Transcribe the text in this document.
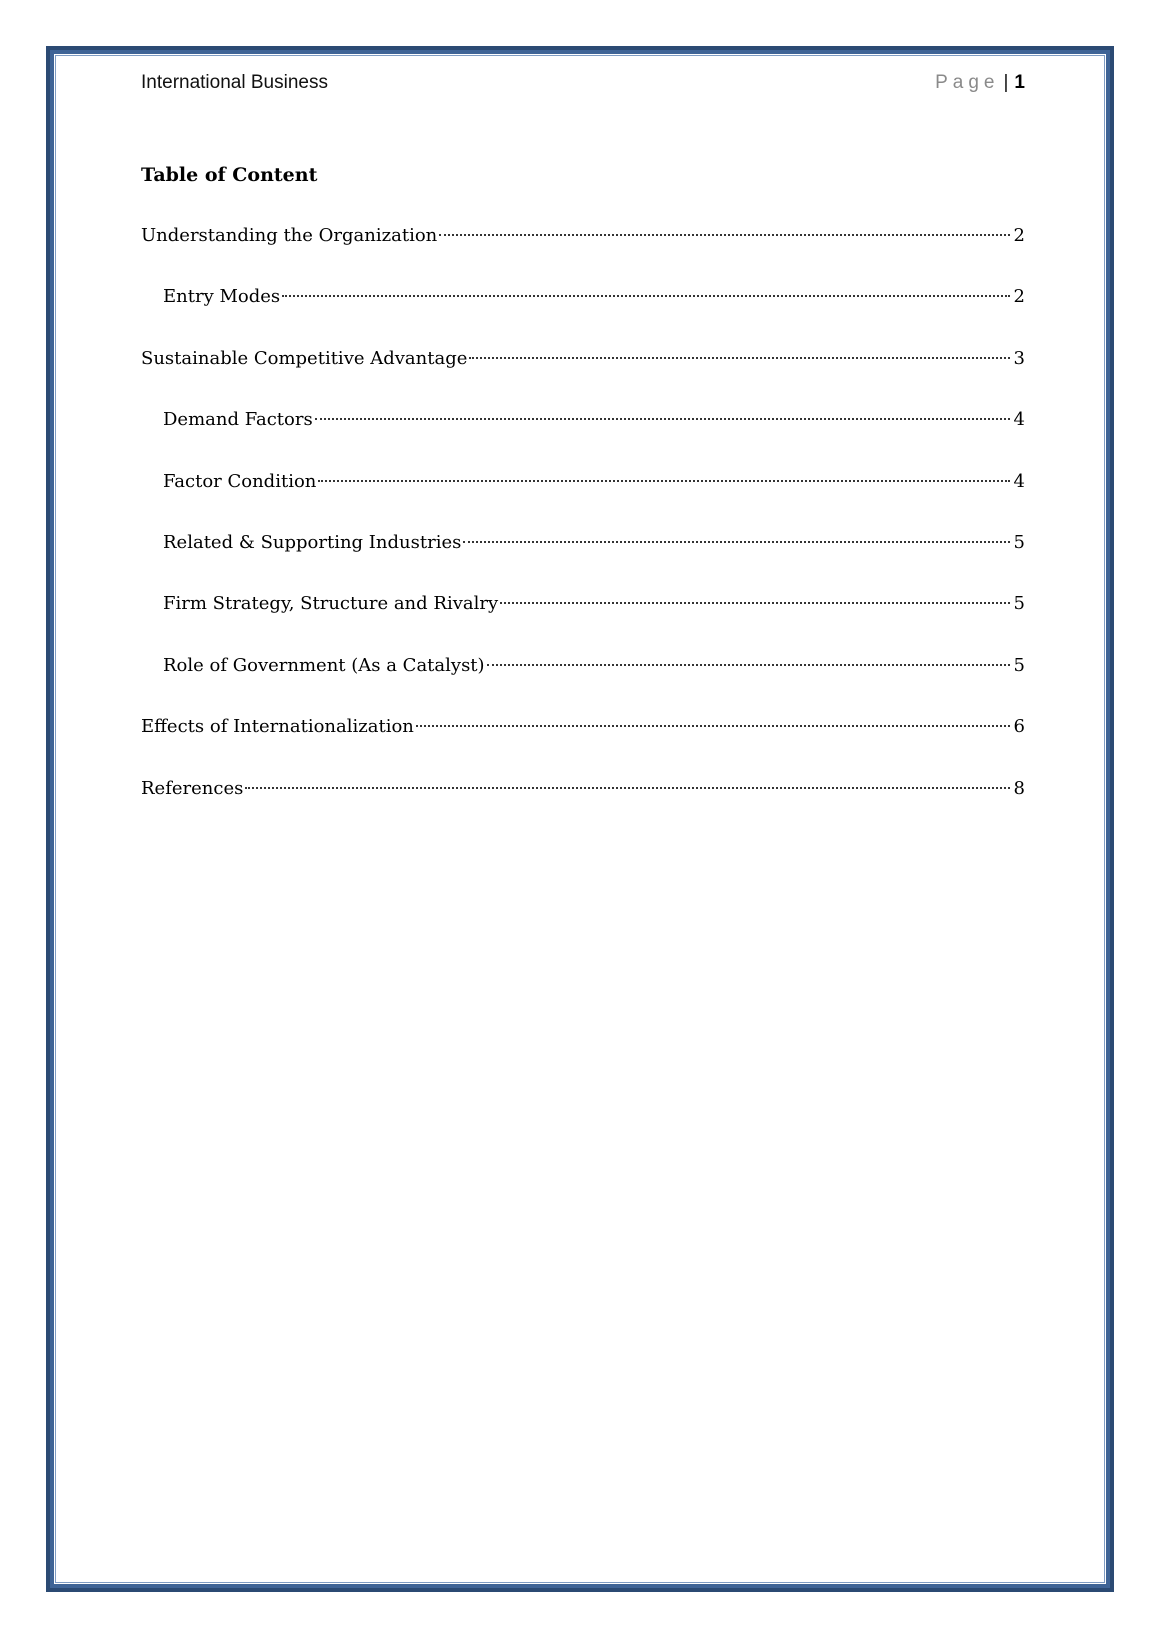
International Business	Page | 1
Table of Content
Understanding the Organization	2
Entry Modes	2
Sustainable Competitive Advantage	3
Demand Factors	4
Factor Condition	4
Related & Supporting Industries	5
Firm Strategy, Structure and Rivalry	5
Role of Government (As a Catalyst)	5
Effects of Internationalization	6
References	8
